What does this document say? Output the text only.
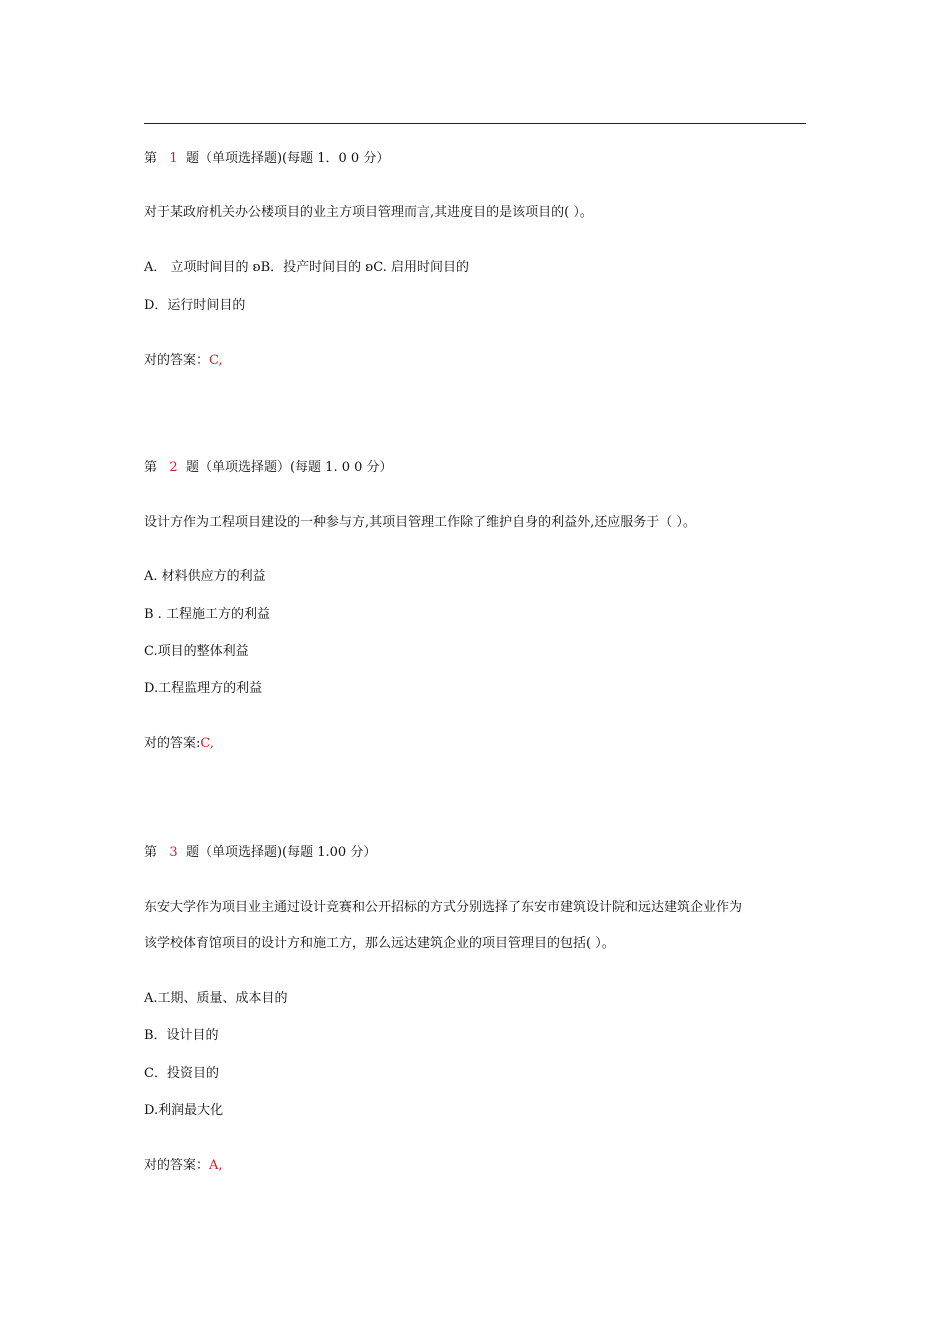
第 1 题（单项选择题)(每题 1．0 0 分）
对于某政府机关办公楼项目的业主方项目管理而言,其进度目的是该项目的( ）。
A． 立项时间目的 ʚB．投产时间目的 ʚC. 启用时间目的
D．运行时间目的
对的答案：C,
第 2 题（单项选择题）(每题 1. 0 0 分）
设计方作为工程项目建设的一种参与方,其项目管理工作除了维护自身的利益外,还应服务于（ ）。
A. 材料供应方的利益
B . 工程施工方的利益
C.项目的整体利益
D.工程监理方的利益
对的答案:C,
第 3 题（单项选择题)(每题 1.00 分）
东安大学作为项目业主通过设计竞赛和公开招标的方式分别选择了东安市建筑设计院和远达建筑企业作为
该学校体育馆项目的设计方和施工方，那么远达建筑企业的项目管理目的包括( ）。
A.工期、质量、成本目的
B．设计目的
C．投资目的
D.利润最大化
对的答案：A,
